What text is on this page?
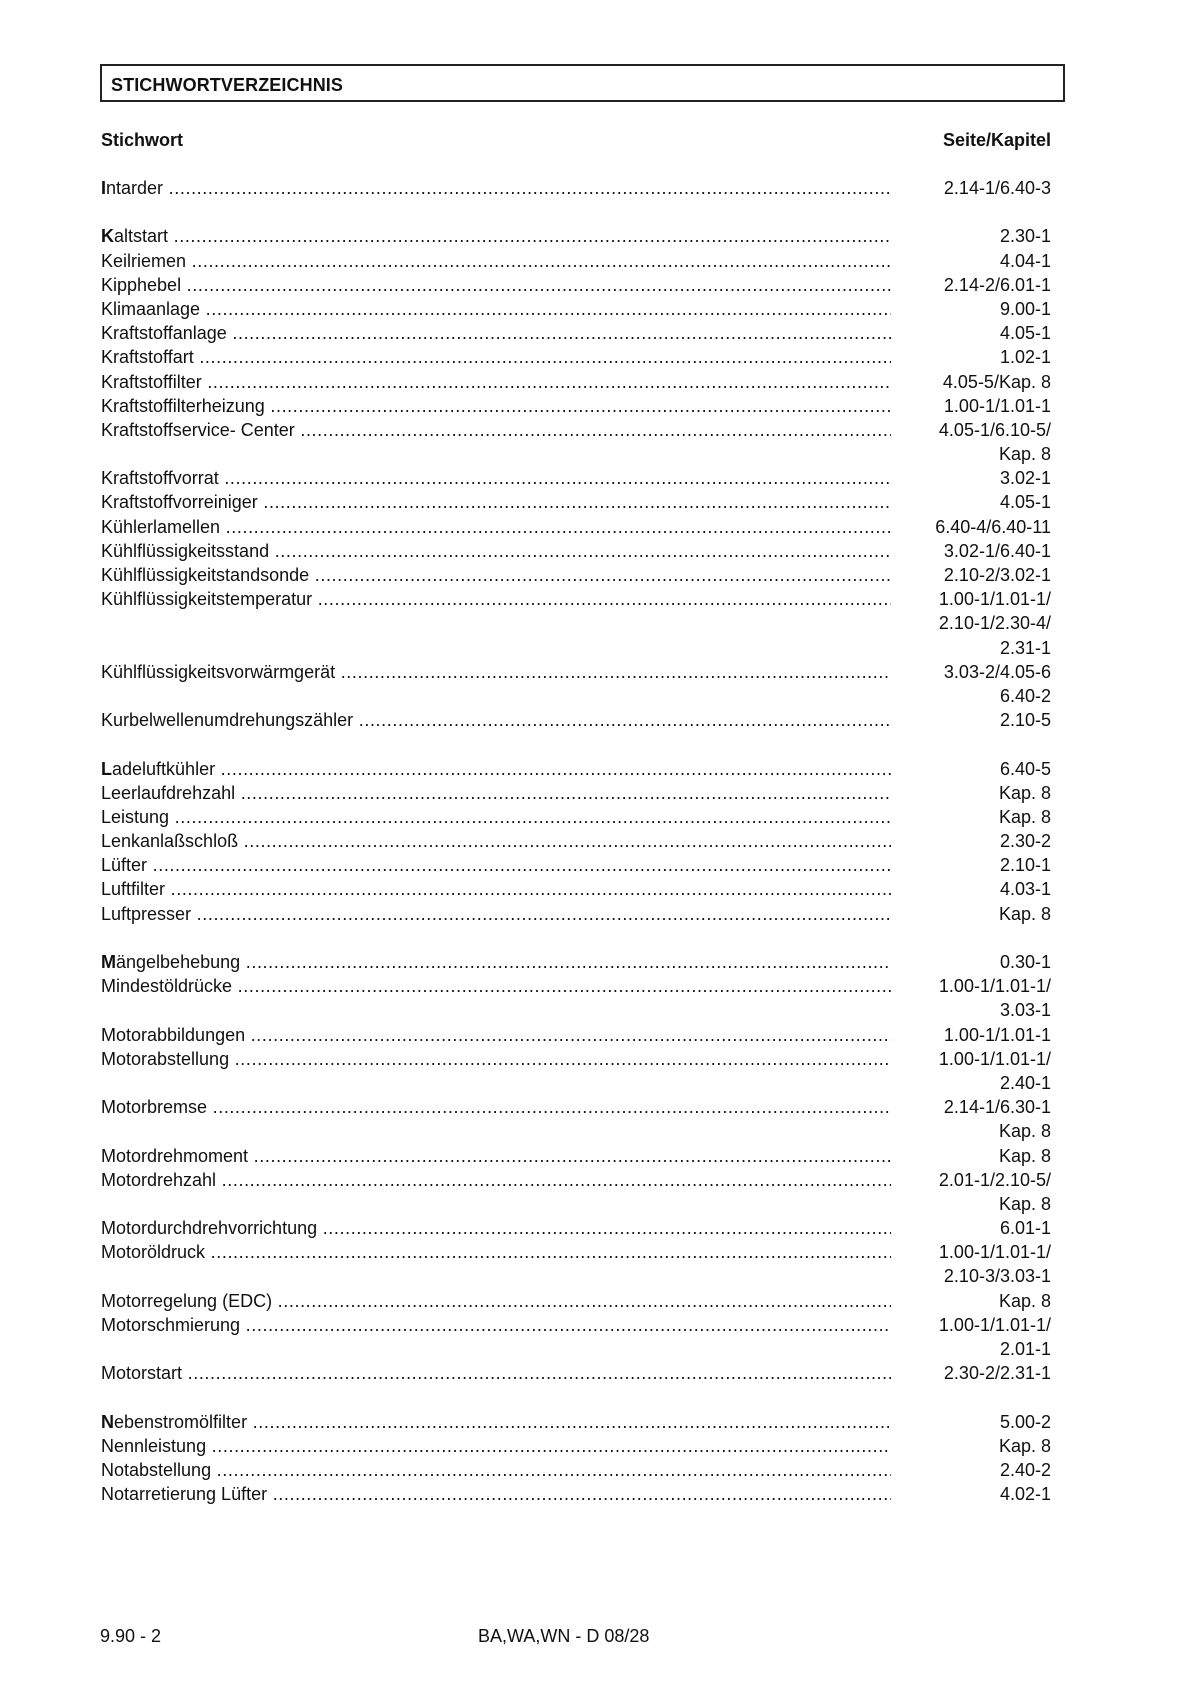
STICHWORTVERZEICHNIS
Stichwort	Seite/Kapitel
Intarder .....	2.14-1/6.40-3
Kaltstart .....	2.30-1
Keilriemen .....	4.04-1
Kipphebel .....	2.14-2/6.01-1
Klimaanlage .....	9.00-1
Kraftstoffanlage .....	4.05-1
Kraftstoffart .....	1.02-1
Kraftstoffilter .....	4.05-5/Kap. 8
Kraftstoffilterheizung .....	1.00-1/1.01-1
Kraftstoffservice- Center .....	4.05-1/6.10-5/
Kap. 8
Kraftstoffvorrat .....	3.02-1
Kraftstoffvorreiniger .....	4.05-1
Kühlerlamellen .....	6.40-4/6.40-11
Kühlflüssigkeitsstand .....	3.02-1/6.40-1
Kühlflüssigkeitstandsonde .....	2.10-2/3.02-1
Kühlflüssigkeitstemperatur .....	1.00-1/1.01-1/
2.10-1/2.30-4/
2.31-1
Kühlflüssigkeitsvorwärmgerät .....	3.03-2/4.05-6
6.40-2
Kurbelwellenumdrehungszähler .....	2.10-5
Ladeluftkühler .....	6.40-5
Leerlaufdrehzahl .....	Kap. 8
Leistung .....	Kap. 8
Lenkanlaßschloß .....	2.30-2
Lüfter .....	2.10-1
Luftfilter .....	4.03-1
Luftpresser .....	Kap. 8
Mängelbehebung .....	0.30-1
Mindestöldrücke .....	1.00-1/1.01-1/
3.03-1
Motorabbildungen .....	1.00-1/1.01-1
Motorabstellung .....	1.00-1/1.01-1/
2.40-1
Motorbremse .....	2.14-1/6.30-1
Kap. 8
Motordrehmoment .....	Kap. 8
Motordrehzahl .....	2.01-1/2.10-5/
Kap. 8
Motordurchdrehvorrichtung .....	6.01-1
Motoröldruck .....	1.00-1/1.01-1/
2.10-3/3.03-1
Motorregelung (EDC) .....	Kap. 8
Motorschmierung .....	1.00-1/1.01-1/
2.01-1
Motorstart .....	2.30-2/2.31-1
Nebenstromölfilter .....	5.00-2
Nennleistung .....	Kap. 8
Notabstellung .....	2.40-2
Notarretierung Lüfter .....	4.02-1
9.90 - 2	BA,WA,WN - D 08/28
